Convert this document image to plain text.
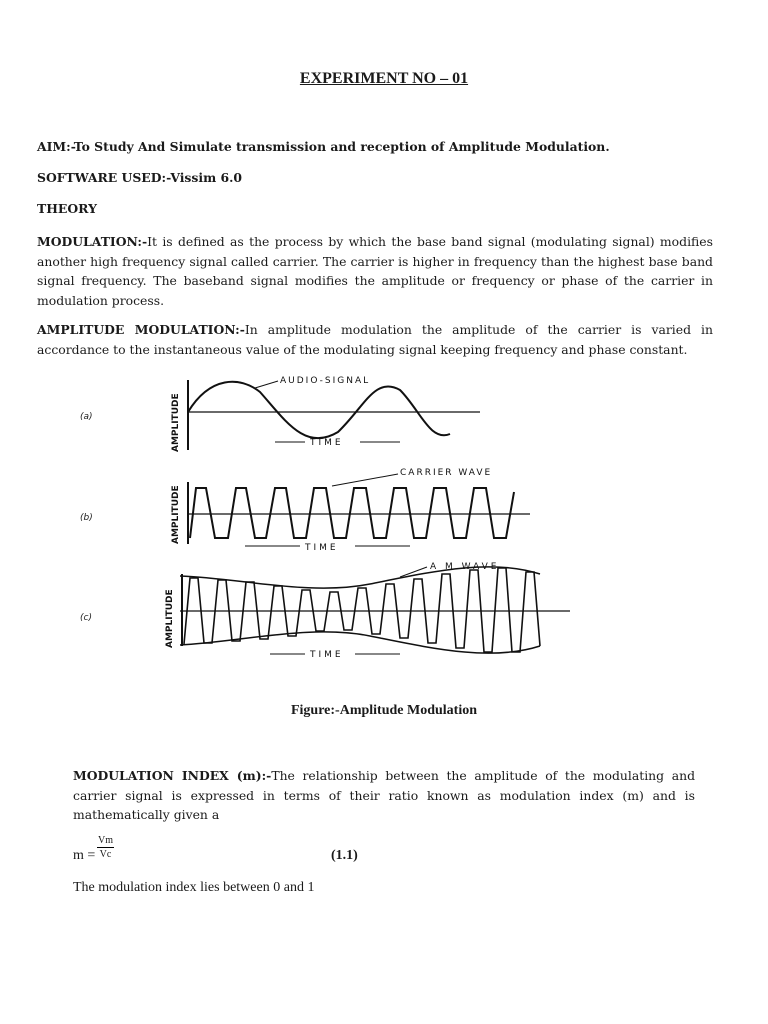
EXPERIMENT NO – 01
AIM:-To Study And Simulate transmission and reception of Amplitude Modulation.
SOFTWARE USED:-Vissim 6.0
THEORY
MODULATION:-It is defined as the process by which the base band signal (modulating signal) modifies another high frequency signal called carrier. The carrier is higher in frequency than the highest base band signal frequency. The baseband signal modifies the amplitude or frequency or phase of the carrier in modulation process.
AMPLITUDE MODULATION:-In amplitude modulation the amplitude of the carrier is varied in accordance to the instantaneous value of the modulating signal keeping frequency and phase constant.
(a)	AMPLITUDE
AUDIO-SIGNAL
TIME
(b)	AMPLITUDE
CARRIER WAVE
TIME
(c)	AMPLITUDE
A M WAVE
TIME
Figure:-Amplitude Modulation
MODULATION INDEX (m):-The relationship between the amplitude of the modulating and carrier signal is expressed in terms of their ratio known as modulation index (m) and is mathematically given a
$m = \frac{Vm}{Vc}$	(1.1)
The modulation index lies between 0 and 1
